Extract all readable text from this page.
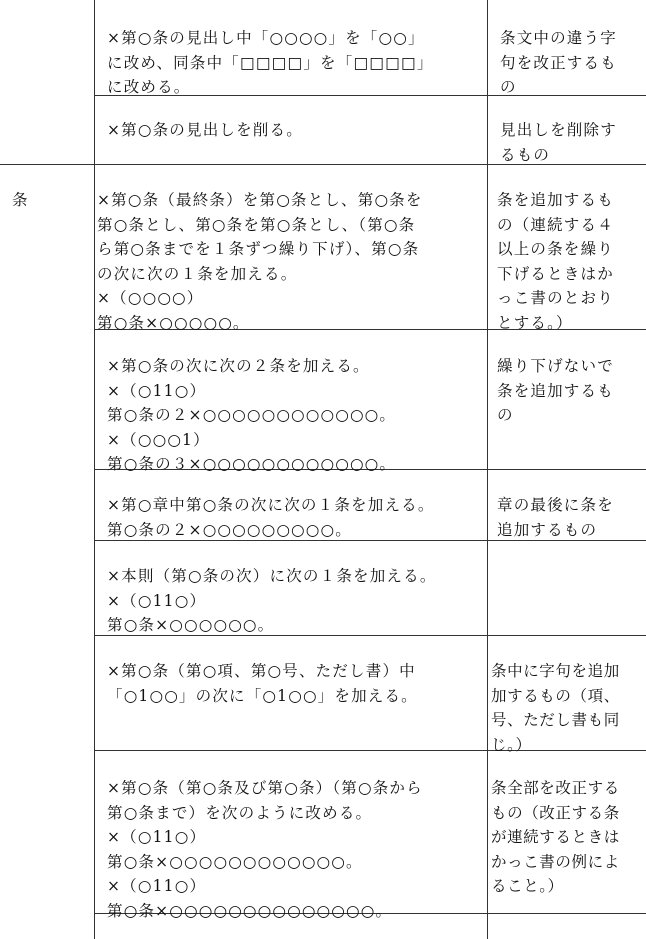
条

×第○条の見出し中「○○○○」を「○○」
に改め、同条中「□□□□」を「□□□□」
に改める。

条文中の違う字
句を改正するも
の

×第○条の見出しを削る。	見出しを削除す
るもの

×第○条（最終条）を第○条とし、第○条を
第○条とし、第○条を第○条とし、（第○条
ら第○条までを１条ずつ繰り下げ）、第○条
の次に次の１条を加える。
×（○○○○）
第○条×○○○○○。

条を追加するも
の（連続する４
以上の条を繰り
下げるときはか
っこ書のとおり
とする。）

×第○条の次に次の２条を加える。
×（○11○）
第○条の２×○○○○○○○○○○○○。
×（○○○1）
第○条の３×○○○○○○○○○○○○。

繰り下げないで
条を追加するも
の

×第○章中第○条の次に次の１条を加える。
第○条の２×○○○○○○○○○。

章の最後に条を
追加するもの

×本則（第○条の次）に次の１条を加える。
×（○11○）
第○条×○○○○○○。

×第○条（第○項、第○号、ただし書）中
「○1○○」の次に「○1○○」を加える。

条中に字句を追加
加するもの（項、
号、ただし書も同
じ。）

×第○条（第○条及び第○条）（第○条から
第○条まで）を次のように改める。
×（○11○）
第○条×○○○○○○○○○○○○。
×（○11○）
第○条×○○○○○○○○○○○○○○。

条全部を改正する
もの（改正する条
が連続するときは
かっこ書の例によ
ること。）
